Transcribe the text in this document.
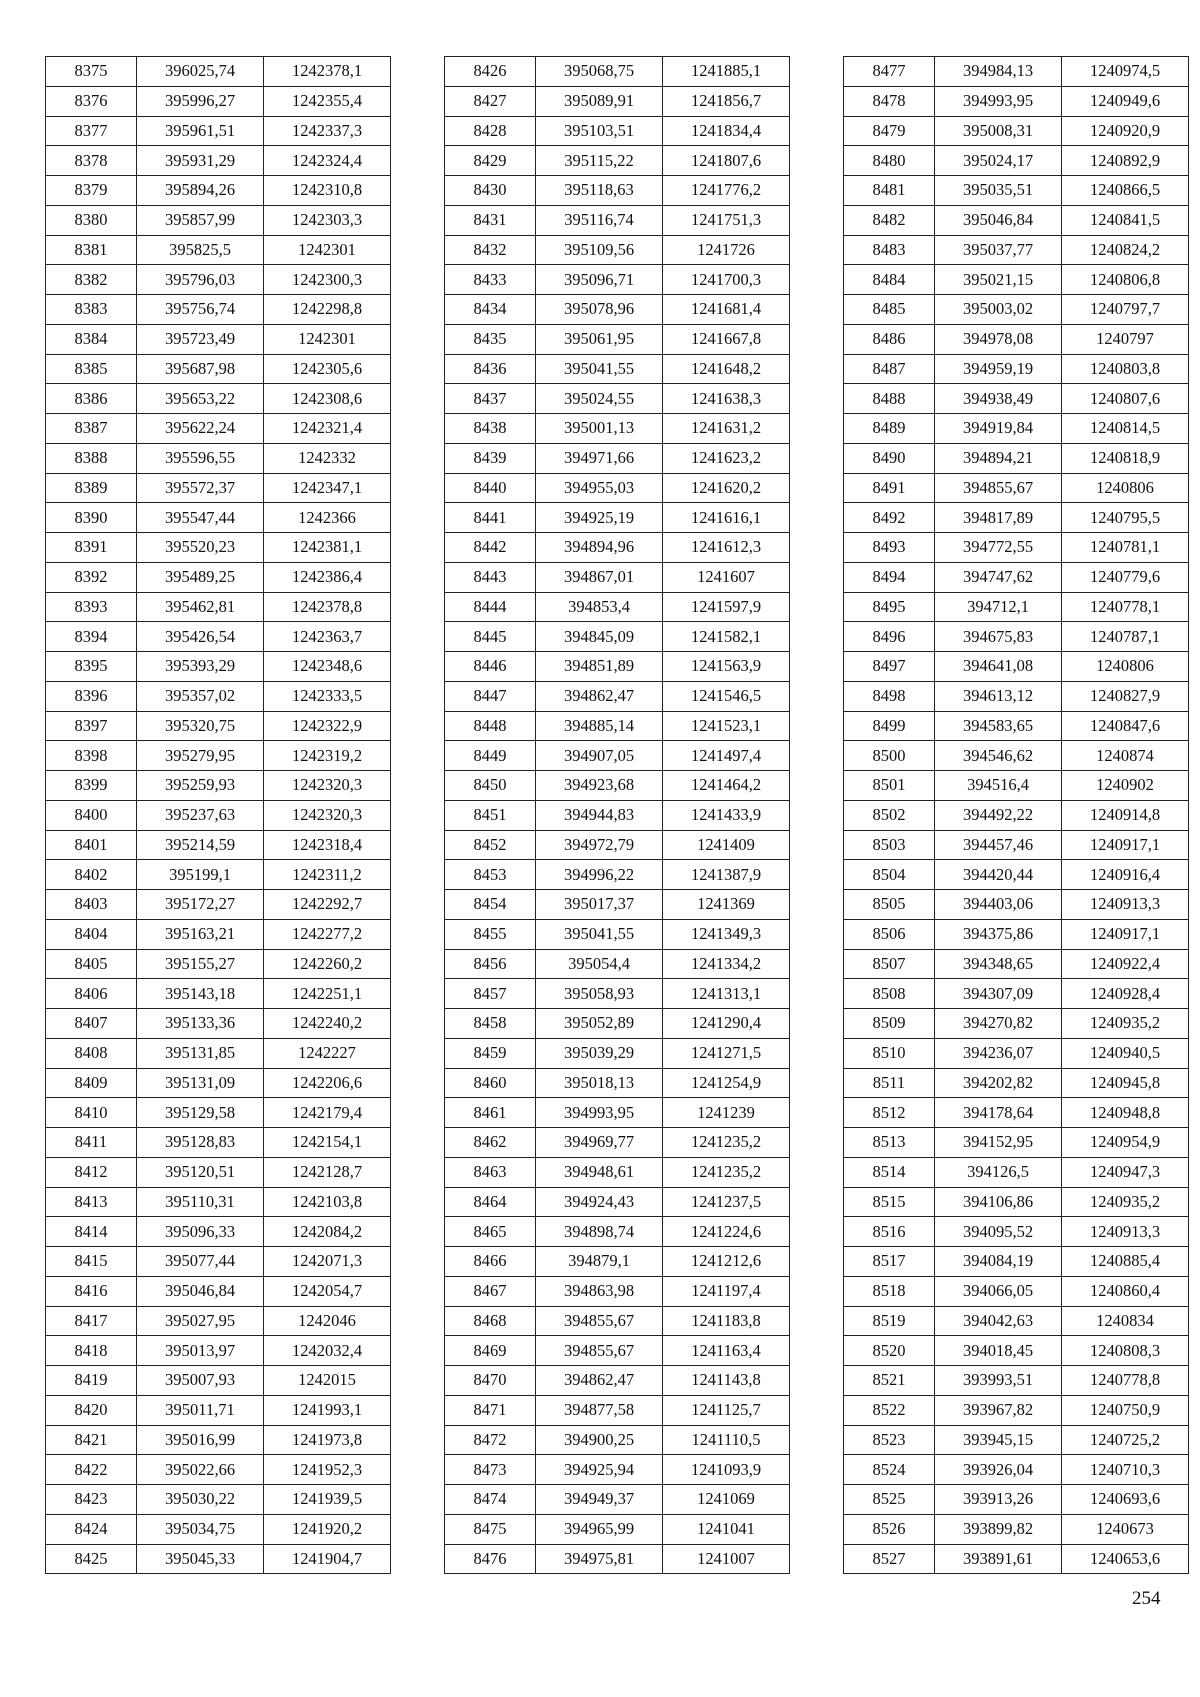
8375	396025,74	1242378,1
8376	395996,27	1242355,4
8377	395961,51	1242337,3
8378	395931,29	1242324,4
8379	395894,26	1242310,8
8380	395857,99	1242303,3
8381	395825,5	1242301
8382	395796,03	1242300,3
8383	395756,74	1242298,8
8384	395723,49	1242301
8385	395687,98	1242305,6
8386	395653,22	1242308,6
8387	395622,24	1242321,4
8388	395596,55	1242332
8389	395572,37	1242347,1
8390	395547,44	1242366
8391	395520,23	1242381,1
8392	395489,25	1242386,4
8393	395462,81	1242378,8
8394	395426,54	1242363,7
8395	395393,29	1242348,6
8396	395357,02	1242333,5
8397	395320,75	1242322,9
8398	395279,95	1242319,2
8399	395259,93	1242320,3
8400	395237,63	1242320,3
8401	395214,59	1242318,4
8402	395199,1	1242311,2
8403	395172,27	1242292,7
8404	395163,21	1242277,2
8405	395155,27	1242260,2
8406	395143,18	1242251,1
8407	395133,36	1242240,2
8408	395131,85	1242227
8409	395131,09	1242206,6
8410	395129,58	1242179,4
8411	395128,83	1242154,1
8412	395120,51	1242128,7
8413	395110,31	1242103,8
8414	395096,33	1242084,2
8415	395077,44	1242071,3
8416	395046,84	1242054,7
8417	395027,95	1242046
8418	395013,97	1242032,4
8419	395007,93	1242015
8420	395011,71	1241993,1
8421	395016,99	1241973,8
8422	395022,66	1241952,3
8423	395030,22	1241939,5
8424	395034,75	1241920,2
8425	395045,33	1241904,7
8426	395068,75	1241885,1
8427	395089,91	1241856,7
8428	395103,51	1241834,4
8429	395115,22	1241807,6
8430	395118,63	1241776,2
8431	395116,74	1241751,3
8432	395109,56	1241726
8433	395096,71	1241700,3
8434	395078,96	1241681,4
8435	395061,95	1241667,8
8436	395041,55	1241648,2
8437	395024,55	1241638,3
8438	395001,13	1241631,2
8439	394971,66	1241623,2
8440	394955,03	1241620,2
8441	394925,19	1241616,1
8442	394894,96	1241612,3
8443	394867,01	1241607
8444	394853,4	1241597,9
8445	394845,09	1241582,1
8446	394851,89	1241563,9
8447	394862,47	1241546,5
8448	394885,14	1241523,1
8449	394907,05	1241497,4
8450	394923,68	1241464,2
8451	394944,83	1241433,9
8452	394972,79	1241409
8453	394996,22	1241387,9
8454	395017,37	1241369
8455	395041,55	1241349,3
8456	395054,4	1241334,2
8457	395058,93	1241313,1
8458	395052,89	1241290,4
8459	395039,29	1241271,5
8460	395018,13	1241254,9
8461	394993,95	1241239
8462	394969,77	1241235,2
8463	394948,61	1241235,2
8464	394924,43	1241237,5
8465	394898,74	1241224,6
8466	394879,1	1241212,6
8467	394863,98	1241197,4
8468	394855,67	1241183,8
8469	394855,67	1241163,4
8470	394862,47	1241143,8
8471	394877,58	1241125,7
8472	394900,25	1241110,5
8473	394925,94	1241093,9
8474	394949,37	1241069
8475	394965,99	1241041
8476	394975,81	1241007
8477	394984,13	1240974,5
8478	394993,95	1240949,6
8479	395008,31	1240920,9
8480	395024,17	1240892,9
8481	395035,51	1240866,5
8482	395046,84	1240841,5
8483	395037,77	1240824,2
8484	395021,15	1240806,8
8485	395003,02	1240797,7
8486	394978,08	1240797
8487	394959,19	1240803,8
8488	394938,49	1240807,6
8489	394919,84	1240814,5
8490	394894,21	1240818,9
8491	394855,67	1240806
8492	394817,89	1240795,5
8493	394772,55	1240781,1
8494	394747,62	1240779,6
8495	394712,1	1240778,1
8496	394675,83	1240787,1
8497	394641,08	1240806
8498	394613,12	1240827,9
8499	394583,65	1240847,6
8500	394546,62	1240874
8501	394516,4	1240902
8502	394492,22	1240914,8
8503	394457,46	1240917,1
8504	394420,44	1240916,4
8505	394403,06	1240913,3
8506	394375,86	1240917,1
8507	394348,65	1240922,4
8508	394307,09	1240928,4
8509	394270,82	1240935,2
8510	394236,07	1240940,5
8511	394202,82	1240945,8
8512	394178,64	1240948,8
8513	394152,95	1240954,9
8514	394126,5	1240947,3
8515	394106,86	1240935,2
8516	394095,52	1240913,3
8517	394084,19	1240885,4
8518	394066,05	1240860,4
8519	394042,63	1240834
8520	394018,45	1240808,3
8521	393993,51	1240778,8
8522	393967,82	1240750,9
8523	393945,15	1240725,2
8524	393926,04	1240710,3
8525	393913,26	1240693,6
8526	393899,82	1240673
8527	393891,61	1240653,6
254
